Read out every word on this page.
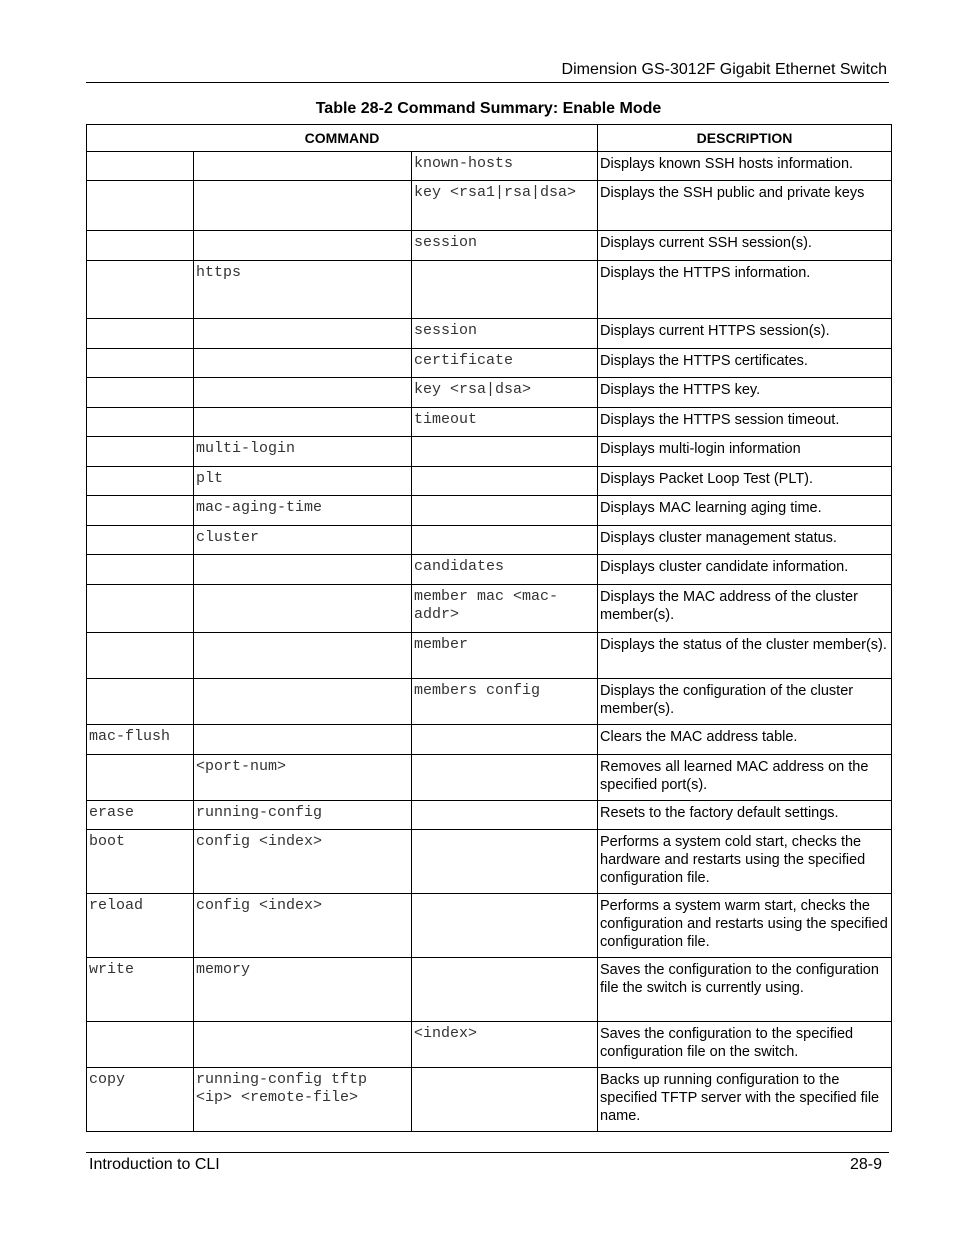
Dimension GS-3012F Gigabit Ethernet Switch
Table 28-2 Command Summary: Enable Mode
COMMAND			DESCRIPTION
		known-hosts	Displays known SSH hosts information.
		key <rsa1|rsa|dsa>	Displays the SSH public and private keys
		session	Displays current SSH session(s).
	https		Displays the HTTPS information.
		session	Displays current HTTPS session(s).
		certificate	Displays the HTTPS certificates.
		key <rsa|dsa>	Displays the HTTPS key.
		timeout	Displays the HTTPS session timeout.
	multi-login		Displays multi-login information
	plt		Displays Packet Loop Test (PLT).
	mac-aging-time		Displays MAC learning aging time.
	cluster		Displays cluster management status.
		candidates	Displays cluster candidate information.
		member mac <mac-addr>	Displays the MAC address of the cluster member(s).
		member	Displays the status of the cluster member(s).
		members config	Displays the configuration of the cluster member(s).
mac-flush			Clears the MAC address table.
	<port-num>		Removes all learned MAC address on the specified port(s).
erase	running-config		Resets to the factory default settings.
boot	config <index>		Performs a system cold start, checks the hardware and restarts using the specified configuration file.
reload	config <index>		Performs a system warm start, checks the configuration and restarts using the specified configuration file.
write	memory		Saves the configuration to the configuration file the switch is currently using.
		<index>	Saves the configuration to the specified configuration file on the switch.
copy	running-config tftp <ip> <remote-file>		Backs up running configuration to the specified TFTP server with the specified file name.
Introduction to CLI	28-9
